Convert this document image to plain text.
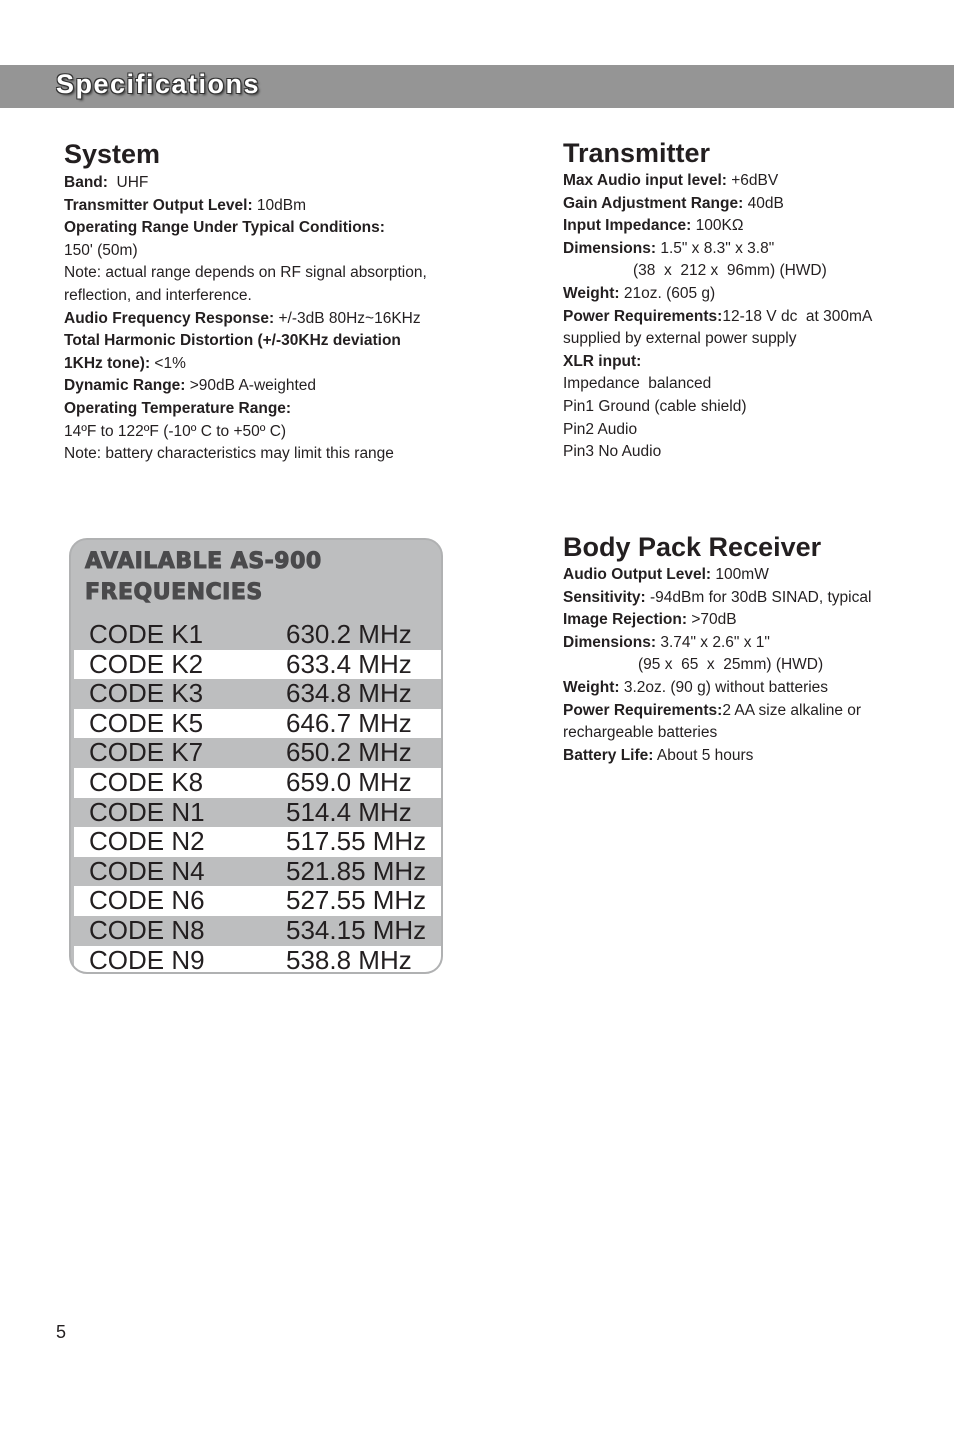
Specifications
System
Band:  UHF
Transmitter Output Level: 10dBm
Operating Range Under Typical Conditions:
150' (50m)
Note: actual range depends on RF signal absorption,
reflection, and interference.
Audio Frequency Response: +/-3dB 80Hz~16KHz
Total Harmonic Distortion (+/-30KHz deviation
1KHz tone): <1%
Dynamic Range: >90dB A-weighted
Operating Temperature Range:
14ºF to 122ºF (-10º C to +50º C)
Note: battery characteristics may limit this range
Transmitter
Max Audio input level: +6dBV
Gain Adjustment Range: 40dB
Input Impedance: 100KΩ
Dimensions: 1.5" x 8.3" x 3.8"
(38  x  212 x  96mm) (HWD)
Weight: 21oz. (605 g)
Power Requirements:12-18 V dc  at 300mA
supplied by external power supply
XLR input:
Impedance  balanced
Pin1 Ground (cable shield)
Pin2 Audio
Pin3 No Audio
Body Pack Receiver
Audio Output Level: 100mW
Sensitivity: -94dBm for 30dB SINAD, typical
Image Rejection: >70dB
Dimensions: 3.74" x 2.6" x 1"
(95 x  65  x  25mm) (HWD)
Weight: 3.2oz. (90 g) without batteries
Power Requirements:2 AA size alkaline or
rechargeable batteries
Battery Life: About 5 hours
AVAILABLE AS-900
FREQUENCIES
CODE K1	630.2 MHz
CODE K2	633.4 MHz
CODE K3	634.8 MHz
CODE K5	646.7 MHz
CODE K7	650.2 MHz
CODE K8	659.0 MHz
CODE N1	514.4 MHz
CODE N2	517.55 MHz
CODE N4	521.85 MHz
CODE N6	527.55 MHz
CODE N8	534.15 MHz
CODE N9	538.8 MHz
5
